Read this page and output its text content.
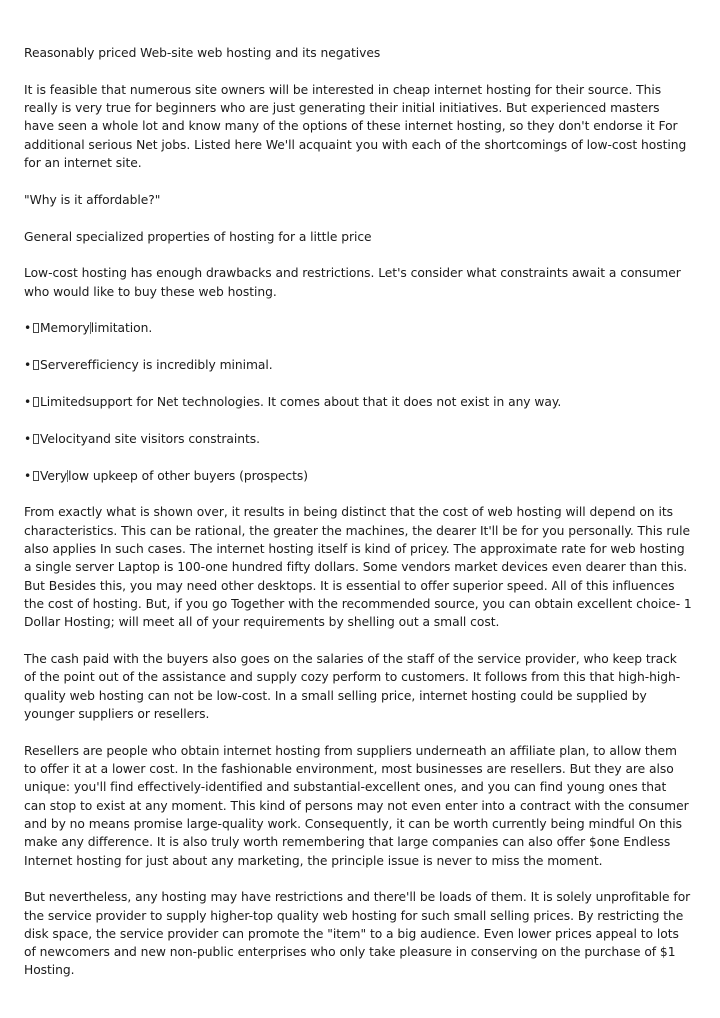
Reasonably priced Web-site web hosting and its negatives

It is feasible that numerous site owners will be interested in cheap internet hosting for their source. This really is very true for beginners who are just generating their initial initiatives. But experienced masters have seen a whole lot and know many of the options of these internet hosting, so they don't endorse it For additional serious Net jobs. Listed here We'll acquaint you with each of the shortcomings of low-cost hosting for an internet site.

"Why is it affordable?"

General specialized properties of hosting for a little price

Low-cost hosting has enough drawbacks and restrictions. Let's consider what constraints await a consumer who would like to buy these web hosting.

• Memorylimitation.

• Serverefficiency is incredibly minimal.

• Limitedsupport for Net technologies. It comes about that it does not exist in any way.

• Velocityand site visitors constraints.

• Verylow upkeep of other buyers (prospects)

From exactly what is shown over, it results in being distinct that the cost of web hosting will depend on its characteristics. This can be rational, the greater the machines, the dearer It'll be for you personally. This rule also applies In such cases. The internet hosting itself is kind of pricey. The approximate rate for web hosting a single server Laptop is 100-one hundred fifty dollars. Some vendors market devices even dearer than this. But Besides this, you may need other desktops. It is essential to offer superior speed. All of this influences the cost of hosting. But, if you go Together with the recommended source, you can obtain excellent choice- 1 Dollar Hosting; will meet all of your requirements by shelling out a small cost.

The cash paid with the buyers also goes on the salaries of the staff of the service provider, who keep track of the point out of the assistance and supply cozy perform to customers. It follows from this that high-high-quality web hosting can not be low-cost. In a small selling price, internet hosting could be supplied by younger suppliers or resellers.

Resellers are people who obtain internet hosting from suppliers underneath an affiliate plan, to allow them to offer it at a lower cost. In the fashionable environment, most businesses are resellers. But they are also unique: you'll find effectively-identified and substantial-excellent ones, and you can find young ones that can stop to exist at any moment. This kind of persons may not even enter into a contract with the consumer and by no means promise large-quality work. Consequently, it can be worth currently being mindful On this make any difference. It is also truly worth remembering that large companies can also offer $one Endless Internet hosting for just about any marketing, the principle issue is never to miss the moment.

But nevertheless, any hosting may have restrictions and there'll be loads of them. It is solely unprofitable for the service provider to supply higher-top quality web hosting for such small selling prices. By restricting the disk space, the service provider can promote the "item" to a big audience. Even lower prices appeal to lots of newcomers and new non-public enterprises who only take pleasure in conserving on the purchase of $1 Hosting.
